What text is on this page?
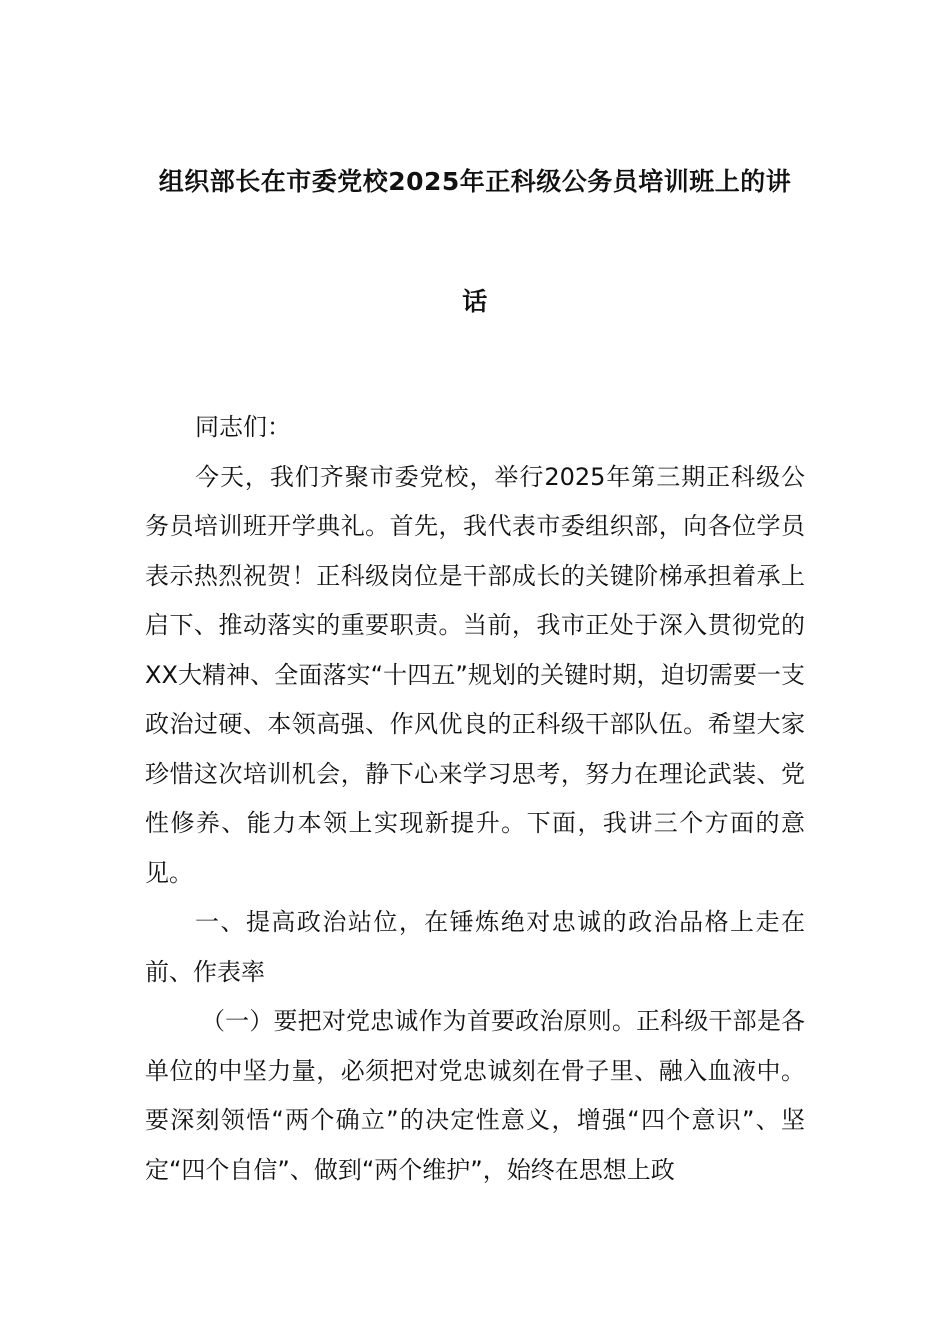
组织部长在市委党校2025年正科级公务员培训班上的讲
话

同志们：

今天，我们齐聚市委党校，举行2025年第三期正科级公务员培训班开学典礼。首先，我代表市委组织部，向各位学员表示热烈祝贺！正科级岗位是干部成长的关键阶梯承担着承上启下、推动落实的重要职责。当前，我市正处于深入贯彻党的XX大精神、全面落实“十四五”规划的关键时期，迫切需要一支政治过硬、本领高强、作风优良的正科级干部队伍。希望大家珍惜这次培训机会，静下心来学习思考，努力在理论武装、党性修养、能力本领上实现新提升。下面，我讲三个方面的意见。

一、提高政治站位，在锤炼绝对忠诚的政治品格上走在前、作表率

（一）要把对党忠诚作为首要政治原则。正科级干部是各单位的中坚力量，必须把对党忠诚刻在骨子里、融入血液中。要深刻领悟“两个确立”的决定性意义，增强“四个意识”、坚定“四个自信”、做到“两个维护”，始终在思想上政
